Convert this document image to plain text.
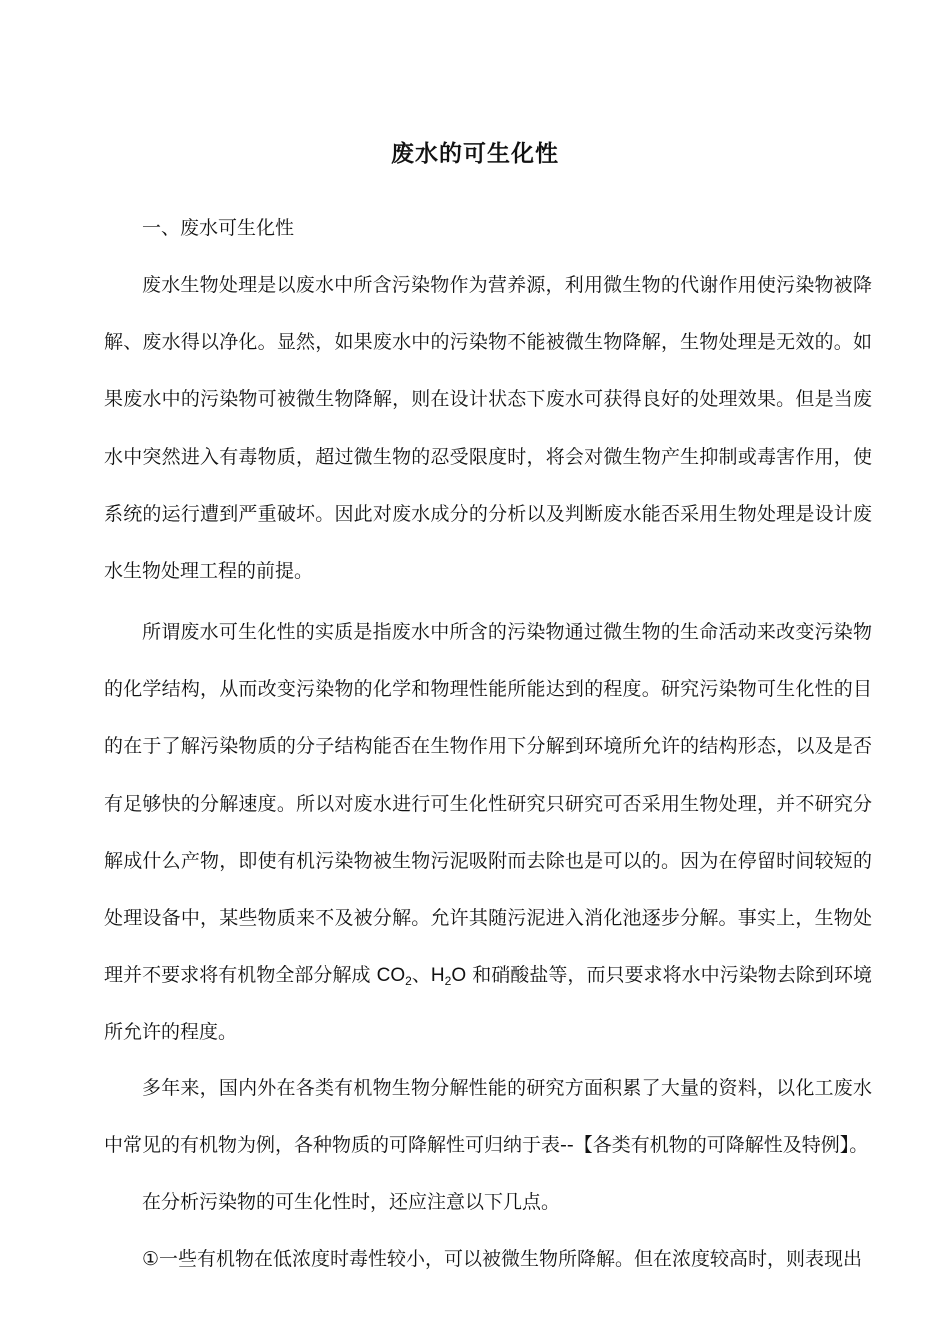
废水的可生化性
一、废水可生化性

废水生物处理是以废水中所含污染物作为营养源，利用微生物的代谢作用使污染物被降解、废水得以净化。显然，如果废水中的污染物不能被微生物降解，生物处理是无效的。如果废水中的污染物可被微生物降解，则在设计状态下废水可获得良好的处理效果。但是当废水中突然进入有毒物质，超过微生物的忍受限度时，将会对微生物产生抑制或毒害作用，使系统的运行遭到严重破坏。因此对废水成分的分析以及判断废水能否采用生物处理是设计废水生物处理工程的前提。

所谓废水可生化性的实质是指废水中所含的污染物通过微生物的生命活动来改变污染物的化学结构，从而改变污染物的化学和物理性能所能达到的程度。研究污染物可生化性的目的在于了解污染物质的分子结构能否在生物作用下分解到环境所允许的结构形态，以及是否有足够快的分解速度。所以对废水进行可生化性研究只研究可否采用生物处理，并不研究分解成什么产物，即使有机污染物被生物污泥吸附而去除也是可以的。因为在停留时间较短的处理设备中，某些物质来不及被分解。允许其随污泥进入消化池逐步分解。事实上，生物处理并不要求将有机物全部分解成 $CO_2$、$H_2O$ 和硝酸盐等，而只要求将水中污染物去除到环境所允许的程度。

多年来，国内外在各类有机物生物分解性能的研究方面积累了大量的资料，以化工废水中常见的有机物为例，各种物质的可降解性可归纳于表--【各类有机物的可降解性及特例】。

在分析污染物的可生化性时，还应注意以下几点。

①一些有机物在低浓度时毒性较小，可以被微生物所降解。但在浓度较高时，则表现出
